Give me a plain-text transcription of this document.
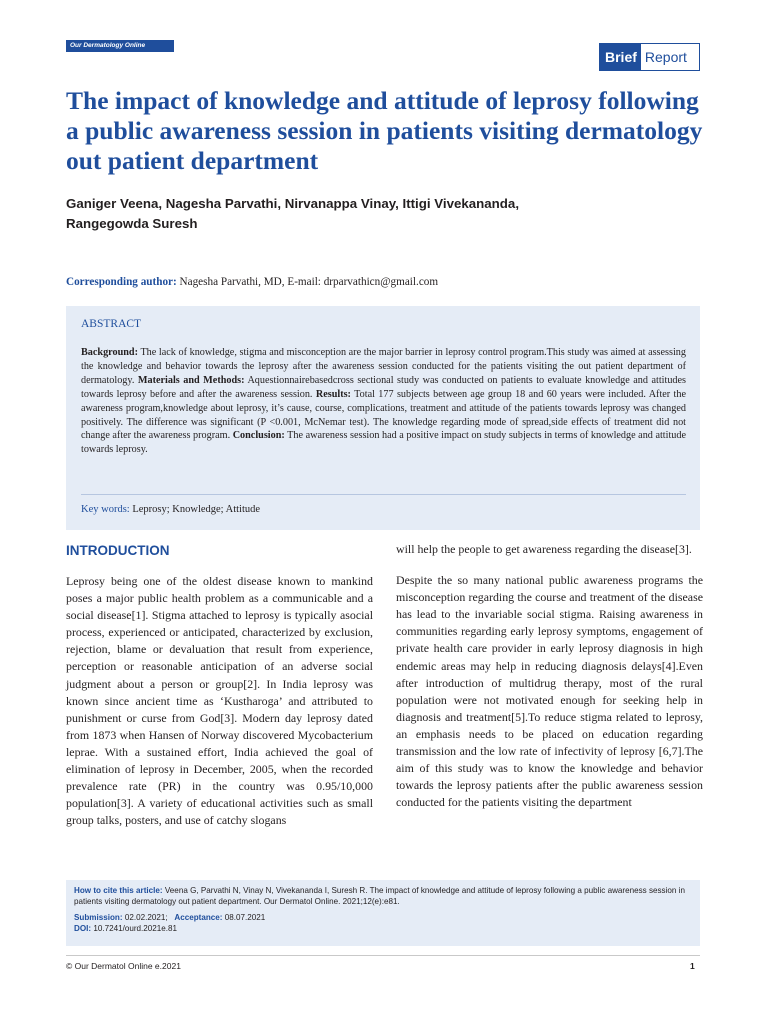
Our Dermatology Online
Brief Report
The impact of knowledge and attitude of leprosy following a public awareness session in patients visiting dermatology out patient department
Ganiger Veena, Nagesha Parvathi, Nirvanappa Vinay, Ittigi Vivekananda,
Rangegowda Suresh
Corresponding author: Nagesha Parvathi, MD, E-mail: drparvathicn@gmail.com
ABSTRACT
Background: The lack of knowledge, stigma and misconception are the major barrier in leprosy control program.This study was aimed at assessing the knowledge and behavior towards the leprosy after the awareness session conducted for the patients visiting the out patient department of dermatology. Materials and Methods: Aquestionnairebasedcross sectional study was conducted on patients to evaluate knowledge and attitudes towards leprosy before and after the awareness session. Results: Total 177 subjects between age group 18 and 60 years were included. After the awareness program,knowledge about leprosy, it’s cause, course, complications, treatment and attitude of the patients towards leprosy was changed positively. The difference was significant (P <0.001, McNemar test). The knowledge regarding mode of spread,side effects of treatment did not change after the awareness program. Conclusion: The awareness session had a positive impact on study subjects in terms of knowledge and attitude towards leprosy.
Key words: Leprosy; Knowledge; Attitude
INTRODUCTION

Leprosy being one of the oldest disease known to mankind poses a major public health problem as a communicable and a social disease[1]. Stigma attached to leprosy is typically asocial process, experienced or anticipated, characterized by exclusion, rejection, blame or devaluation that result from experience, perception or reasonable anticipation of an adverse social judgment about a person or group[2]. In India leprosy was known since ancient time as ‘Kustharoga’ and attributed to punishment or curse from God[3]. Modern day leprosy dated from 1873 when Hansen of Norway discovered Mycobacterium leprae. With a sustained effort, India achieved the goal of elimination of leprosy in December, 2005, when the recorded prevalence rate (PR) in the country was 0.95/10,000 population[3]. A variety of educational activities such as small group talks, posters, and use of catchy slogans

will help the people to get awareness regarding the disease[3].

Despite the so many national public awareness programs the misconception regarding the course and treatment of the disease has lead to the invariable social stigma. Raising awareness in communities regarding early leprosy symptoms, engagement of private health care provider in early leprosy diagnosis in high endemic areas may help in reducing diagnosis delays[4].Even after introduction of multidrug therapy, most of the rural population were not motivated enough for seeking help in diagnosis and treatment[5].To reduce stigma related to leprosy, an emphasis needs to be placed on education regarding transmission and the low rate of infectivity of leprosy [6,7].The aim of this study was to know the knowledge and behavior towards the leprosy patients after the public awareness session conducted for the patients visiting the department

How to cite this article: Veena G, Parvathi N, Vinay N, Vivekananda I, Suresh R. The impact of knowledge and attitude of leprosy following a public awareness session in patients visiting dermatology out patient department. Our Dermatol Online. 2021;12(e):e81.
Submission: 02.02.2021; Acceptance: 08.07.2021
DOI: 10.7241/ourd.2021e.81
© Our Dermatol Online e.2021	1
